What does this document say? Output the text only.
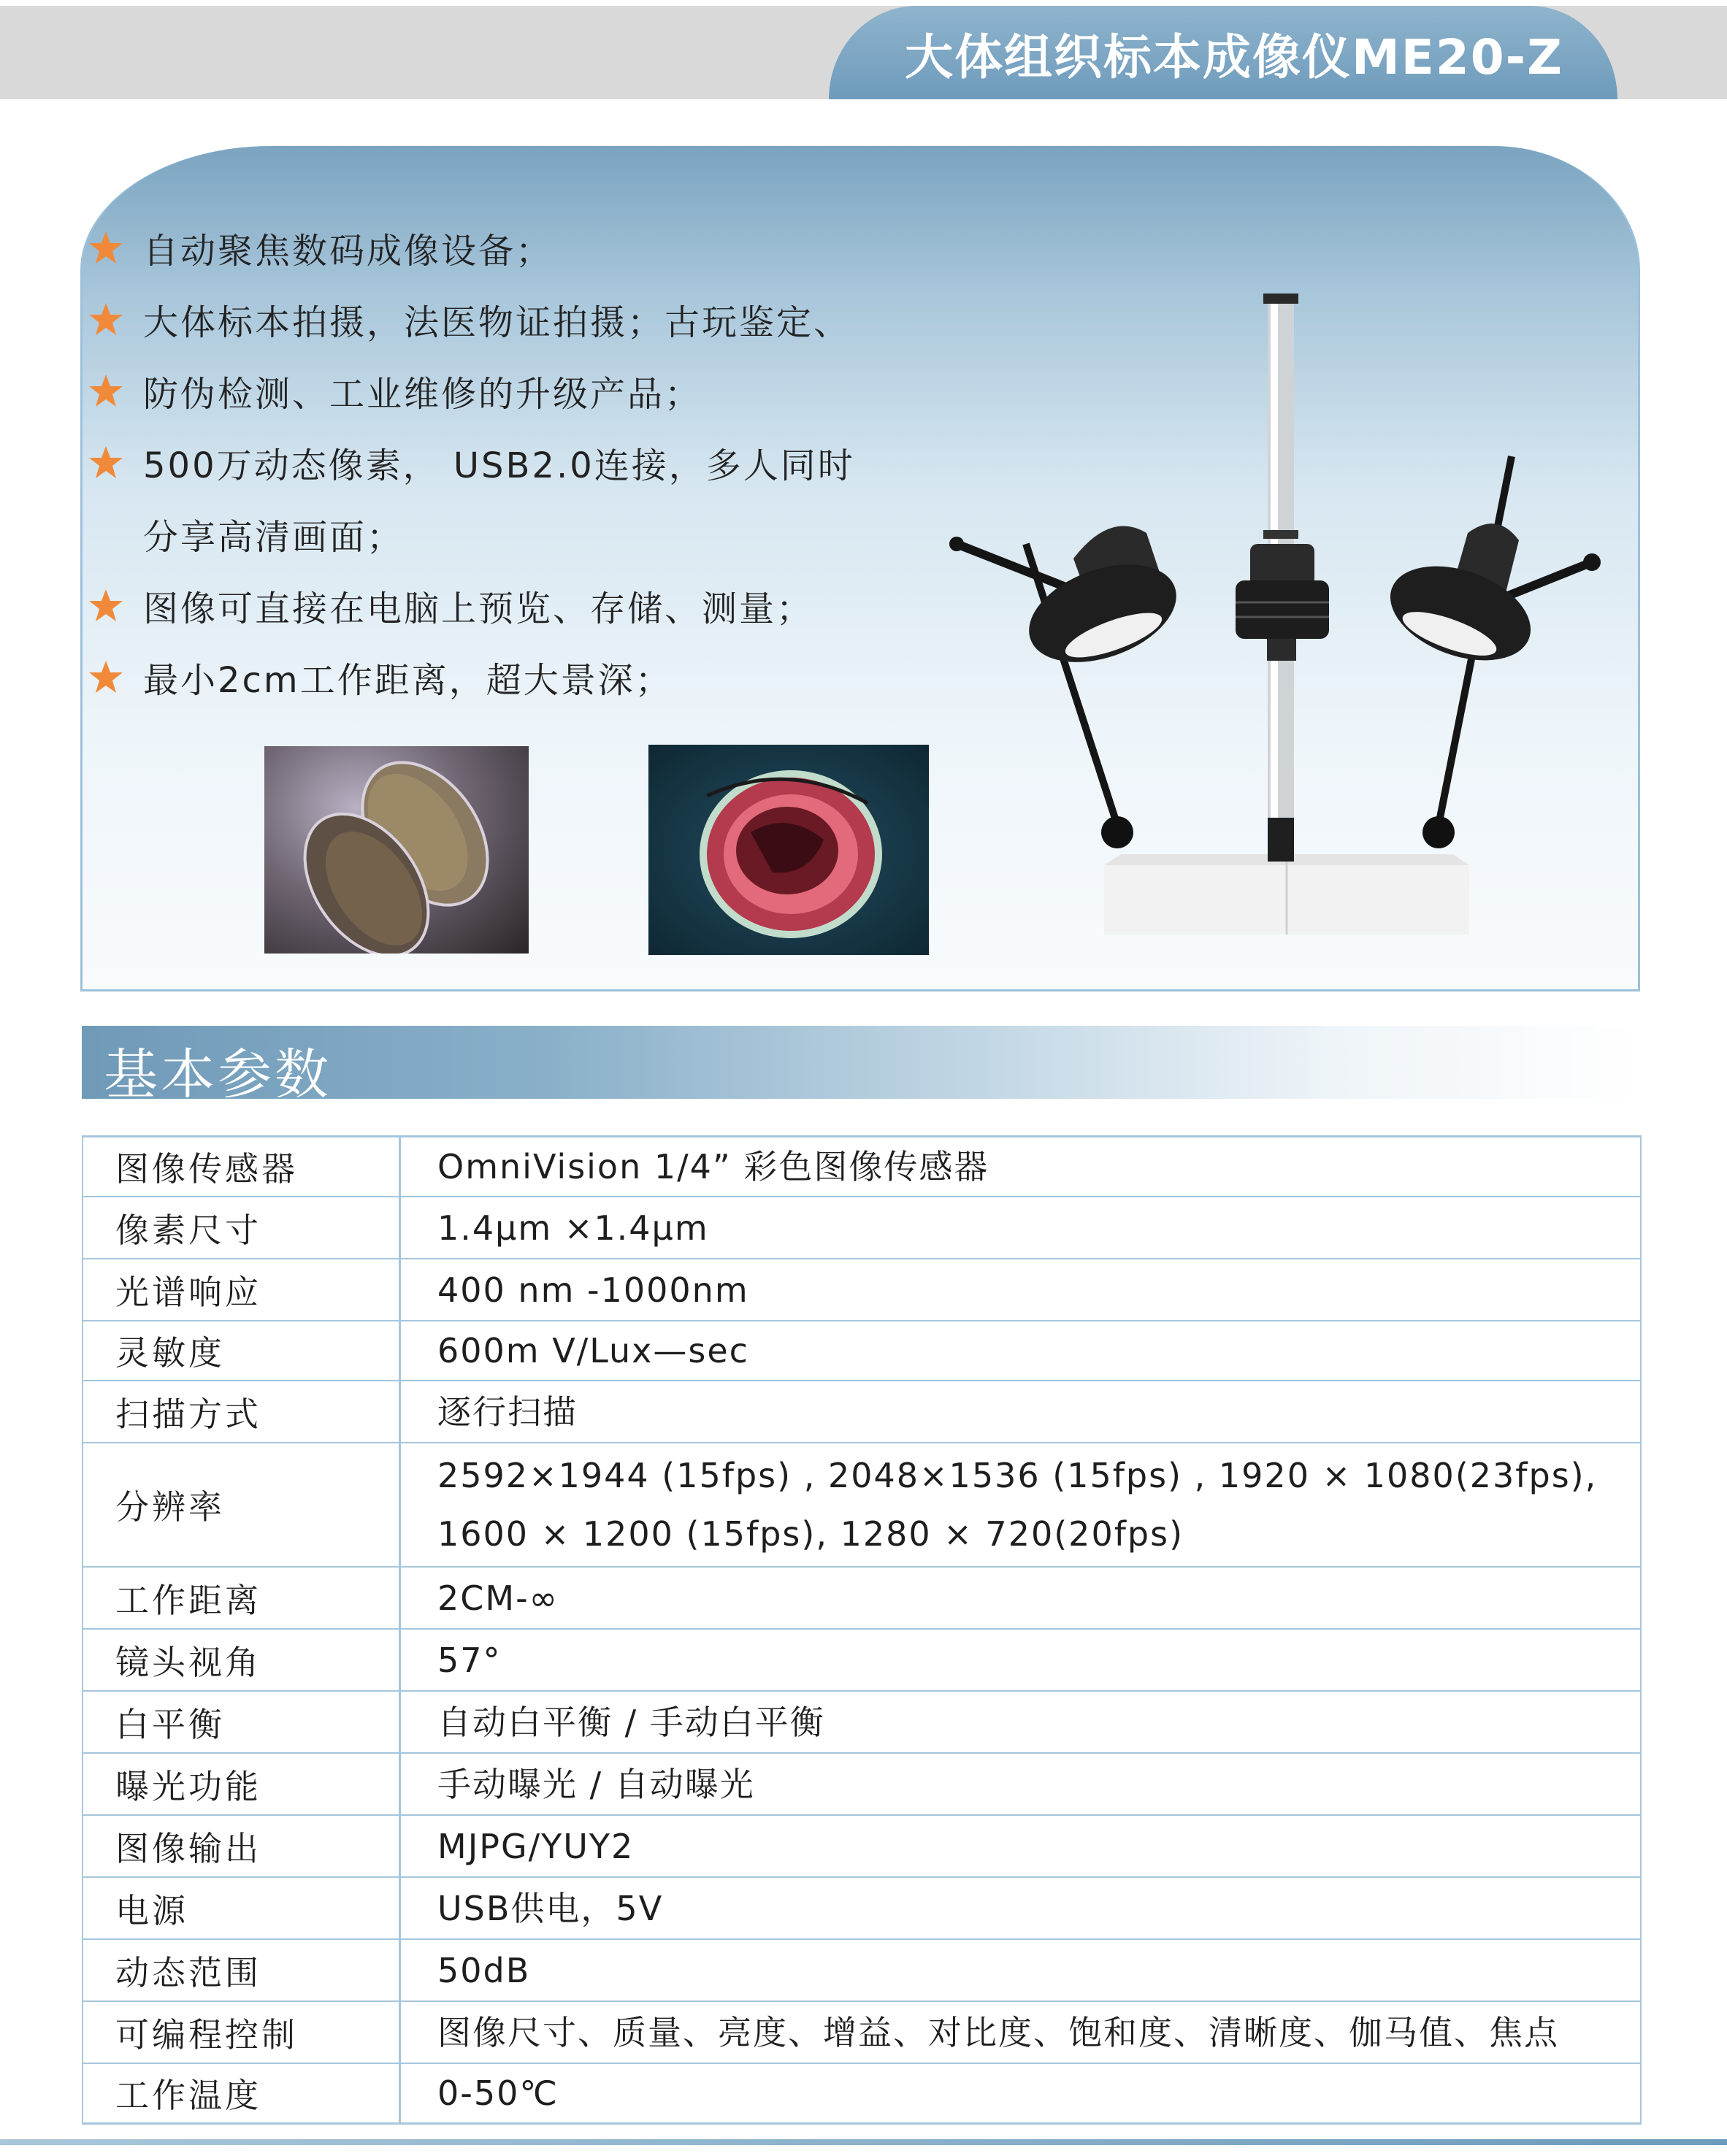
大体组织标本成像仪ME20-Z
自动聚焦数码成像设备；
大体标本拍摄，法医物证拍摄；古玩鉴定、
防伪检测、工业维修的升级产品；
500万动态像素， USB2.0连接，多人同时
分享高清画面；
图像可直接在电脑上预览、存储、测量；
最小2cm工作距离，超大景深；
基本参数
图像传感器	OmniVision 1/4” 彩色图像传感器

像素尺寸	1.4µm ×1.4µm

光谱响应	400 nm -1000nm

灵敏度	600m V/Lux—sec

扫描方式	逐行扫描

分辨率	2592×1944 (15fps) , 2048×1536 (15fps) , 1920 × 1080(23fps),
1600 × 1200 (15fps), 1280 × 720(20fps)

工作距离	2CM-∞

镜头视角	57°

白平衡	自动白平衡 / 手动白平衡

曝光功能	手动曝光 / 自动曝光

图像输出	MJPG/YUY2

电源	USB供电，5V

动态范围	50dB

可编程控制	图像尺寸、质量、亮度、增益、对比度、饱和度、清晰度、伽马值、焦点

工作温度	0-50℃
